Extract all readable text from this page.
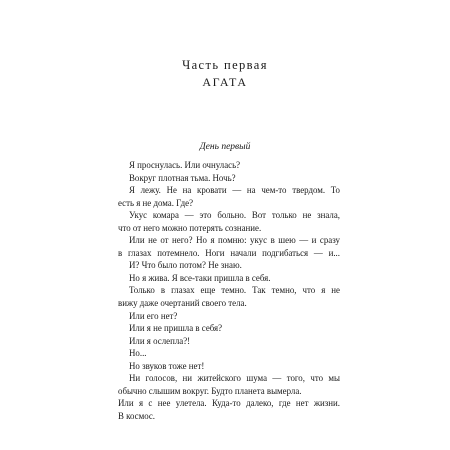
Часть первая
АГАТА
День первый
Я проснулась. Или очнулась?
Вокруг плотная тьма. Ночь?
Я лежу. Не на кровати — на чем-то твердом. То
есть я не дома. Где?
Укус комара — это больно. Вот только не знала,
что от него можно потерять сознание.
Или не от него? Но я помню: укус в шею — и сразу
в глазах потемнело. Ноги начали подгибаться — и...
И? Что было потом? Не знаю.
Но я жива. Я все-таки пришла в себя.
Только в глазах еще темно. Так темно, что я не
вижу даже очертаний своего тела.
Или его нет?
Или я не пришла в себя?
Или я ослепла?!
Но...
Но звуков тоже нет!
Ни голосов, ни житейского шума — того, что мы
обычно слышим вокруг. Будто планета вымерла.
Или я с нее улетела. Куда-то далеко, где нет жизни.
В космос.
